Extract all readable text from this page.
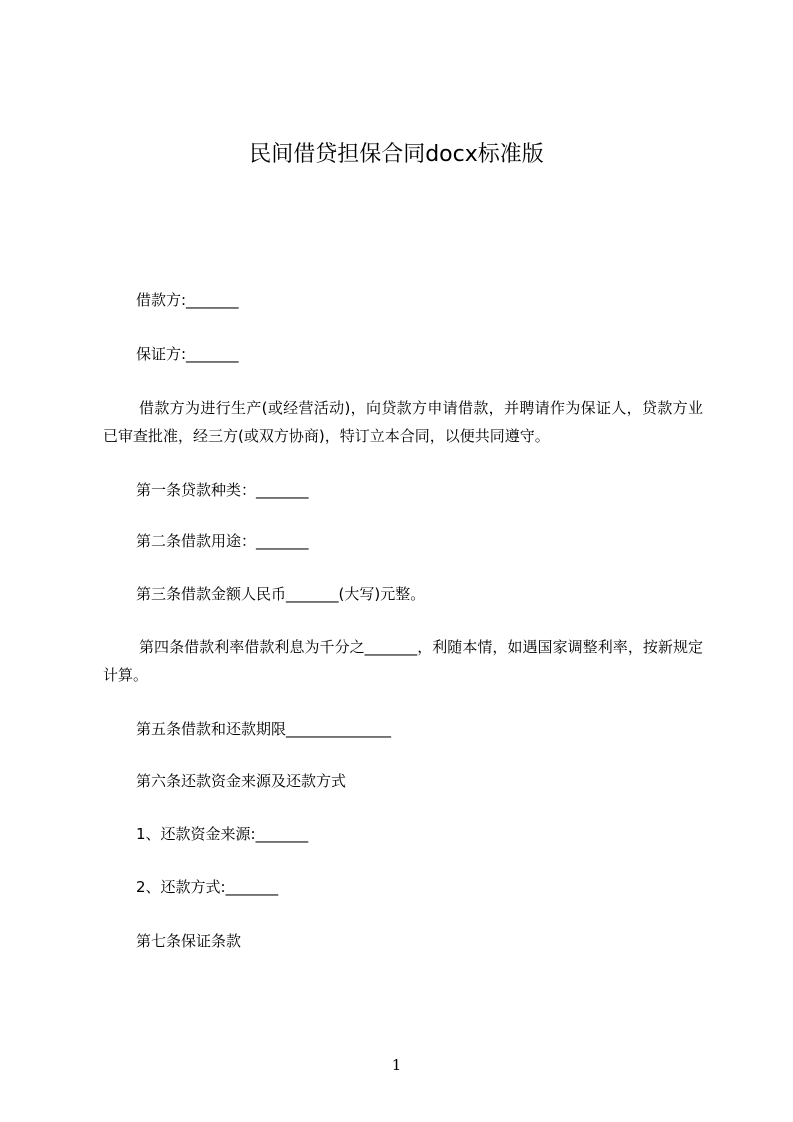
民间借贷担保合同docx标准版
借款方:_______
保证方:_______
借款方为进行生产(或经营活动)，向贷款方申请借款，并聘请作为保证人，贷款方业已审查批准，经三方(或双方协商)，特订立本合同，以便共同遵守。
第一条贷款种类：_______
第二条借款用途：_______
第三条借款金额人民币_______(大写)元整。
第四条借款利率借款利息为千分之_______，利随本情，如遇国家调整利率，按新规定计算。
第五条借款和还款期限______________
第六条还款资金来源及还款方式
1、还款资金来源:_______
2、还款方式:_______
第七条保证条款
1
